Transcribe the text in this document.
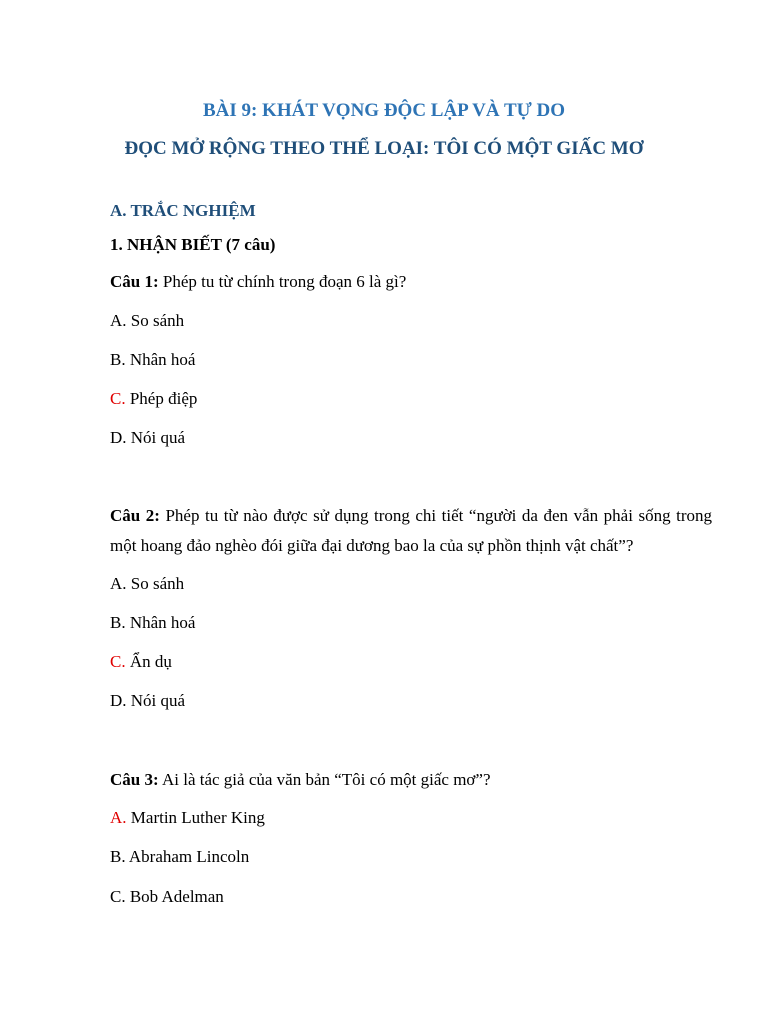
BÀI 9: KHÁT VỌNG ĐỘC LẬP VÀ TỰ DO
ĐỌC MỞ RỘNG THEO THỂ LOẠI: TÔI CÓ MỘT GIẤC MƠ
A. TRẮC NGHIỆM
1. NHẬN BIẾT (7 câu)
Câu 1: Phép tu từ chính trong đoạn 6 là gì?
A. So sánh
B. Nhân hoá
C. Phép điệp
D. Nói quá
Câu 2: Phép tu từ nào được sử dụng trong chi tiết “người da đen vẫn phải sống trong một hoang đảo nghèo đói giữa đại dương bao la của sự phồn thịnh vật chất”?
A. So sánh
B. Nhân hoá
C. Ẩn dụ
D. Nói quá
Câu 3: Ai là tác giả của văn bản “Tôi có một giấc mơ”?
A. Martin Luther King
B. Abraham Lincoln
C. Bob Adelman
